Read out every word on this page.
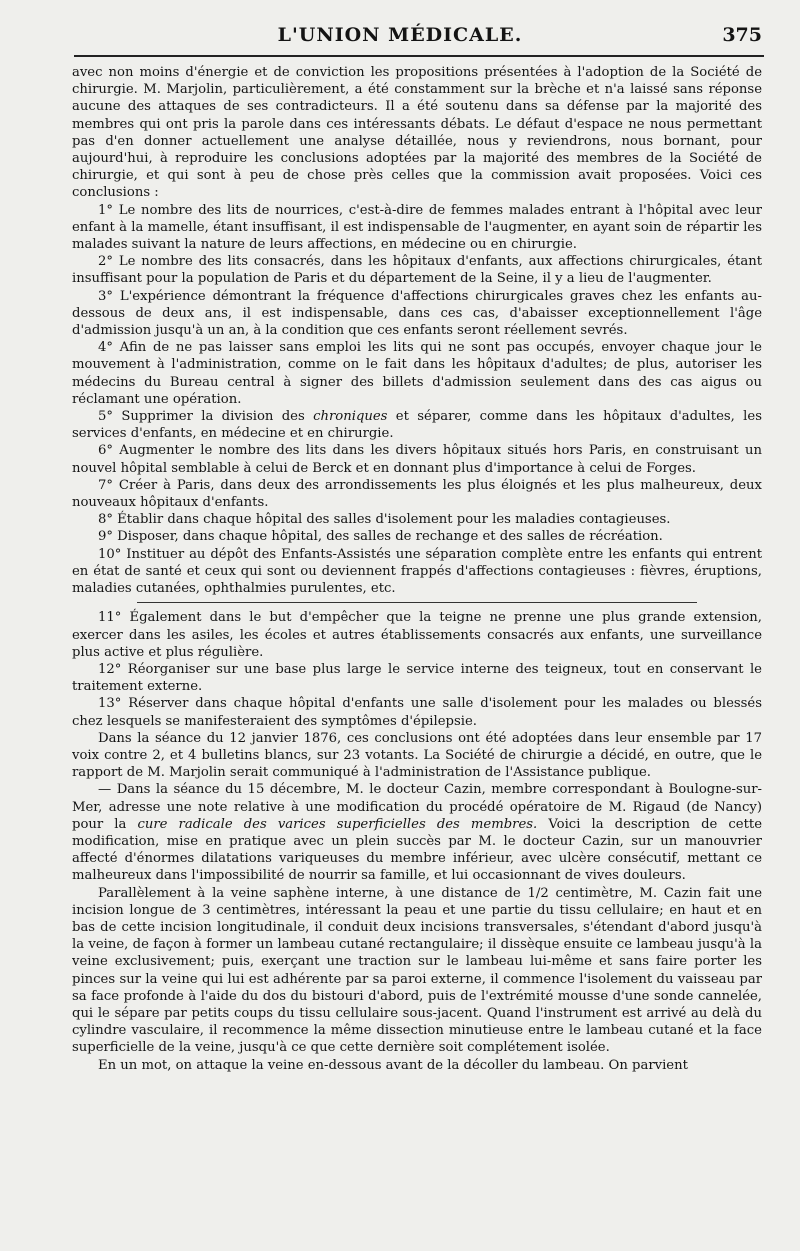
L'UNION MÉDICALE.	375

avec non moins d'énergie et de conviction les propositions présentées à l'adoption de la Société de chirurgie. M. Marjolin, particulièrement, a été constamment sur la brèche et n'a laissé sans réponse aucune des attaques de ses contradicteurs. Il a été soutenu dans sa défense par la majorité des membres qui ont pris la parole dans ces intéressants débats. Le défaut d'espace ne nous permettant pas d'en donner actuellement une analyse détaillée, nous y reviendrons, nous bornant, pour aujourd'hui, à reproduire les conclusions adoptées par la majorité des membres de la Société de chirurgie, et qui sont à peu de chose près celles que la commission avait proposées. Voici ces conclusions :

1° Le nombre des lits de nourrices, c'est-à-dire de femmes malades entrant à l'hôpital avec leur enfant à la mamelle, étant insuffisant, il est indispensable de l'augmenter, en ayant soin de répartir les malades suivant la nature de leurs affections, en médecine ou en chirurgie.

2° Le nombre des lits consacrés, dans les hôpitaux d'enfants, aux affections chirurgicales, étant insuffisant pour la population de Paris et du département de la Seine, il y a lieu de l'augmenter.

3° L'expérience démontrant la fréquence d'affections chirurgicales graves chez les enfants au-dessous de deux ans, il est indispensable, dans ces cas, d'abaisser exceptionnellement l'âge d'admission jusqu'à un an, à la condition que ces enfants seront réellement sevrés.

4° Afin de ne pas laisser sans emploi les lits qui ne sont pas occupés, envoyer chaque jour le mouvement à l'administration, comme on le fait dans les hôpitaux d'adultes; de plus, autoriser les médecins du Bureau central à signer des billets d'admission seulement dans des cas aigus ou réclamant une opération.

5° Supprimer la division des chroniques et séparer, comme dans les hôpitaux d'adultes, les services d'enfants, en médecine et en chirurgie.

6° Augmenter le nombre des lits dans les divers hôpitaux situés hors Paris, en construisant un nouvel hôpital semblable à celui de Berck et en donnant plus d'importance à celui de Forges.

7° Créer à Paris, dans deux des arrondissements les plus éloignés et les plus malheureux, deux nouveaux hôpitaux d'enfants.

8° Établir dans chaque hôpital des salles d'isolement pour les maladies contagieuses.

9° Disposer, dans chaque hôpital, des salles de rechange et des salles de récréation.

10° Instituer au dépôt des Enfants-Assistés une séparation complète entre les enfants qui entrent en état de santé et ceux qui sont ou deviennent frappés d'affections contagieuses : fièvres, éruptions, maladies cutanées, ophthalmies purulentes, etc.

11° Également dans le but d'empêcher que la teigne ne prenne une plus grande extension, exercer dans les asiles, les écoles et autres établissements consacrés aux enfants, une surveillance plus active et plus régulière.

12° Réorganiser sur une base plus large le service interne des teigneux, tout en conservant le traitement externe.

13° Réserver dans chaque hôpital d'enfants une salle d'isolement pour les malades ou blessés chez lesquels se manifesteraient des symptômes d'épilepsie.

Dans la séance du 12 janvier 1876, ces conclusions ont été adoptées dans leur ensemble par 17 voix contre 2, et 4 bulletins blancs, sur 23 votants. La Société de chirurgie a décidé, en outre, que le rapport de M. Marjolin serait communiqué à l'administration de l'Assistance publique.

— Dans la séance du 15 décembre, M. le docteur Cazin, membre correspondant à Boulogne-sur-Mer, adresse une note relative à une modification du procédé opératoire de M. Rigaud (de Nancy) pour la cure radicale des varices superficielles des membres. Voici la description de cette modification, mise en pratique avec un plein succès par M. le docteur Cazin, sur un manouvrier affecté d'énormes dilatations variqueuses du membre inférieur, avec ulcère consécutif, mettant ce malheureux dans l'impossibilité de nourrir sa famille, et lui occasionnant de vives douleurs.

Parallèlement à la veine saphène interne, à une distance de 1/2 centimètre, M. Cazin fait une incision longue de 3 centimètres, intéressant la peau et une partie du tissu cellulaire; en haut et en bas de cette incision longitudinale, il conduit deux incisions transversales, s'étendant d'abord jusqu'à la veine, de façon à former un lambeau cutané rectangulaire; il dissèque ensuite ce lambeau jusqu'à la veine exclusivement; puis, exerçant une traction sur le lambeau lui-même et sans faire porter les pinces sur la veine qui lui est adhérente par sa paroi externe, il commence l'isolement du vaisseau par sa face profonde à l'aide du dos du bistouri d'abord, puis de l'extrémité mousse d'une sonde cannelée, qui le sépare par petits coups du tissu cellulaire sous-jacent. Quand l'instrument est arrivé au delà du cylindre vasculaire, il recommence la même dissection minutieuse entre le lambeau cutané et la face superficielle de la veine, jusqu'à ce que cette dernière soit complétement isolée.

En un mot, on attaque la veine en-dessous avant de la décoller du lambeau. On parvient
